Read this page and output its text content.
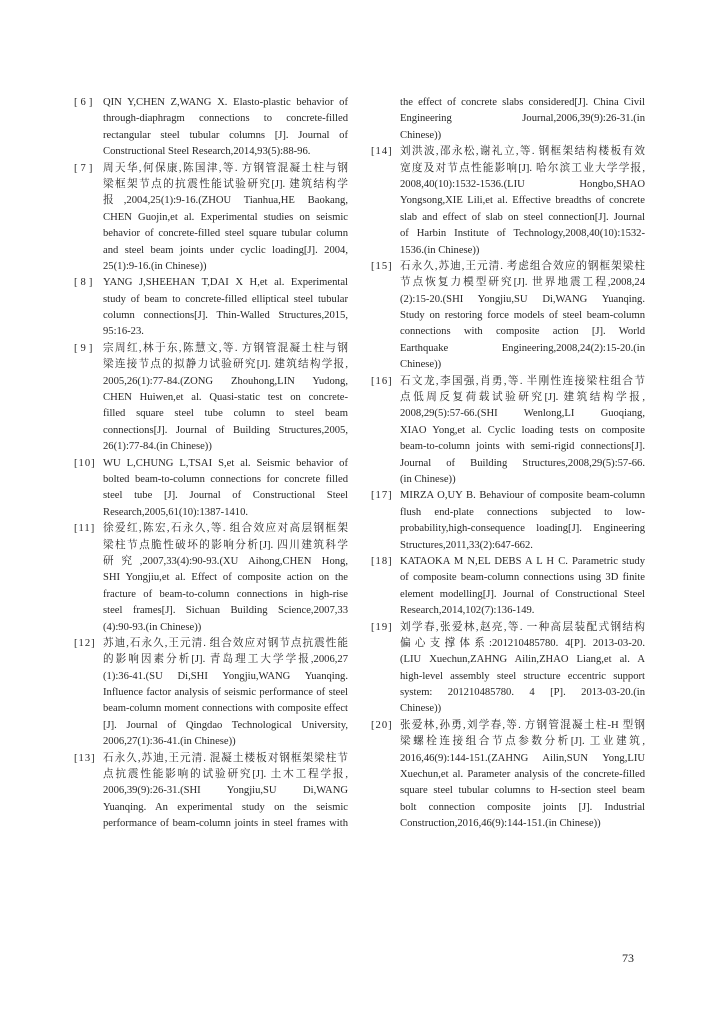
[6] QIN Y,CHEN Z,WANG X. Elasto-plastic behavior of
through-diaphragm connections to concrete-filled
rectangular steel tubular columns [J]. Journal of
Constructional Steel Research,2014,93(5):88-96.
[7] 周天华,何保康,陈国津,等. 方钢管混凝土柱与钢
梁框架节点的抗震性能试验研究[J]. 建筑结构学
报,2004,25(1):9-16.(ZHOU Tianhua,HE Baokang,
CHEN Guojin,et al. Experimental studies on seismic
behavior of concrete-filled steel square tubular column
and steel beam joints under cyclic loading[J]. 2004,
25(1):9-16.(in Chinese))
[8] YANG J,SHEEHAN T,DAI X H,et al. Experimental
study of beam to concrete-filled elliptical steel tubular
column connections[J]. Thin-Walled Structures,2015,
95:16-23.
[9] 宗周红,林于东,陈慧文,等. 方钢管混凝土柱与钢
梁连接节点的拟静力试验研究[J]. 建筑结构学报,
2005,26(1):77-84.(ZONG Zhouhong,LIN Yudong,
CHEN Huiwen,et al. Quasi-static test on concrete-
filled square steel tube column to steel beam
connections[J]. Journal of Building Structures,2005,
26(1):77-84.(in Chinese))
[10] WU L,CHUNG L,TSAI S,et al. Seismic behavior of
bolted beam-to-column connections for concrete filled
steel tube [J]. Journal of Constructional Steel
Research,2005,61(10):1387-1410.
[11] 徐爱红,陈宏,石永久,等. 组合效应对高层钢框架
梁柱节点脆性破坏的影响分析[J]. 四川建筑科学
研究,2007,33(4):90-93.(XU Aihong,CHEN Hong,
SHI Yongjiu,et al. Effect of composite action on the
fracture of beam-to-column connections in high-rise
steel frames[J]. Sichuan Building Science,2007,33
(4):90-93.(in Chinese))
[12] 苏迪,石永久,王元清. 组合效应对钢节点抗震性能
的影响因素分析[J]. 青岛理工大学学报,2006,27
(1):36-41.(SU Di,SHI Yongjiu,WANG Yuanqing.
Influence factor analysis of seismic performance of steel
beam-column moment connections with composite effect
[J]. Journal of Qingdao Technological University,
2006,27(1):36-41.(in Chinese))
[13] 石永久,苏迪,王元清. 混凝土楼板对钢框架梁柱节
点抗震性能影响的试验研究[J]. 土木工程学报,
2006,39(9):26-31.(SHI Yongjiu,SU Di,WANG
Yuanqing. An experimental study on the seismic
performance of beam-column joints in steel frames with
the effect of concrete slabs considered[J]. China Civil
Engineering Journal,2006,39(9):26-31.(in
Chinese))
[14] 刘洪波,邵永松,谢礼立,等. 钢框架结构楼板有效
宽度及对节点性能影响[J]. 哈尔滨工业大学学报,
2008,40(10):1532-1536.(LIU Hongbo,SHAO
Yongsong,XIE Lili,et al. Effective breadths of concrete
slab and effect of slab on steel connection[J]. Journal
of Harbin Institute of Technology,2008,40(10):1532-
1536.(in Chinese))
[15] 石永久,苏迪,王元清. 考虑组合效应的钢框架梁柱
节点恢复力模型研究[J]. 世界地震工程,2008,24
(2):15-20.(SHI Yongjiu,SU Di,WANG Yuanqing.
Study on restoring force models of steel beam-column
connections with composite action [J]. World
Earthquake Engineering,2008,24(2):15-20.(in
Chinese))
[16] 石文龙,李国强,肖勇,等. 半刚性连接梁柱组合节
点低周反复荷载试验研究[J]. 建筑结构学报,
2008,29(5):57-66.(SHI Wenlong,LI Guoqiang,
XIAO Yong,et al. Cyclic loading tests on composite
beam-to-column joints with semi-rigid connections[J].
Journal of Building Structures,2008,29(5):57-66.
(in Chinese))
[17] MIRZA O,UY B. Behaviour of composite beam-column
flush end-plate connections subjected to low-
probability,high-consequence loading[J]. Engineering
Structures,2011,33(2):647-662.
[18] KATAOKA M N,EL DEBS A L H C. Parametric study
of composite beam-column connections using 3D finite
element modelling[J]. Journal of Constructional Steel
Research,2014,102(7):136-149.
[19] 刘学春,张爱林,赵亮,等. 一种高层装配式钢结构
偏心支撑体系:201210485780. 4[P]. 2013-03-20.
(LIU Xuechun,ZAHNG Ailin,ZHAO Liang,et al. A
high-level assembly steel structure eccentric support
system: 201210485780. 4 [P]. 2013-03-20.(in
Chinese))
[20] 张爱林,孙勇,刘学春,等. 方钢管混凝土柱-H 型钢
梁螺栓连接组合节点参数分析[J]. 工业建筑,
2016,46(9):144-151.(ZAHNG Ailin,SUN Yong,LIU
Xuechun,et al. Parameter analysis of the concrete-filled
square steel tubular columns to H-section steel beam
bolt connection composite joints [J]. Industrial
Construction,2016,46(9):144-151.(in Chinese))
73
